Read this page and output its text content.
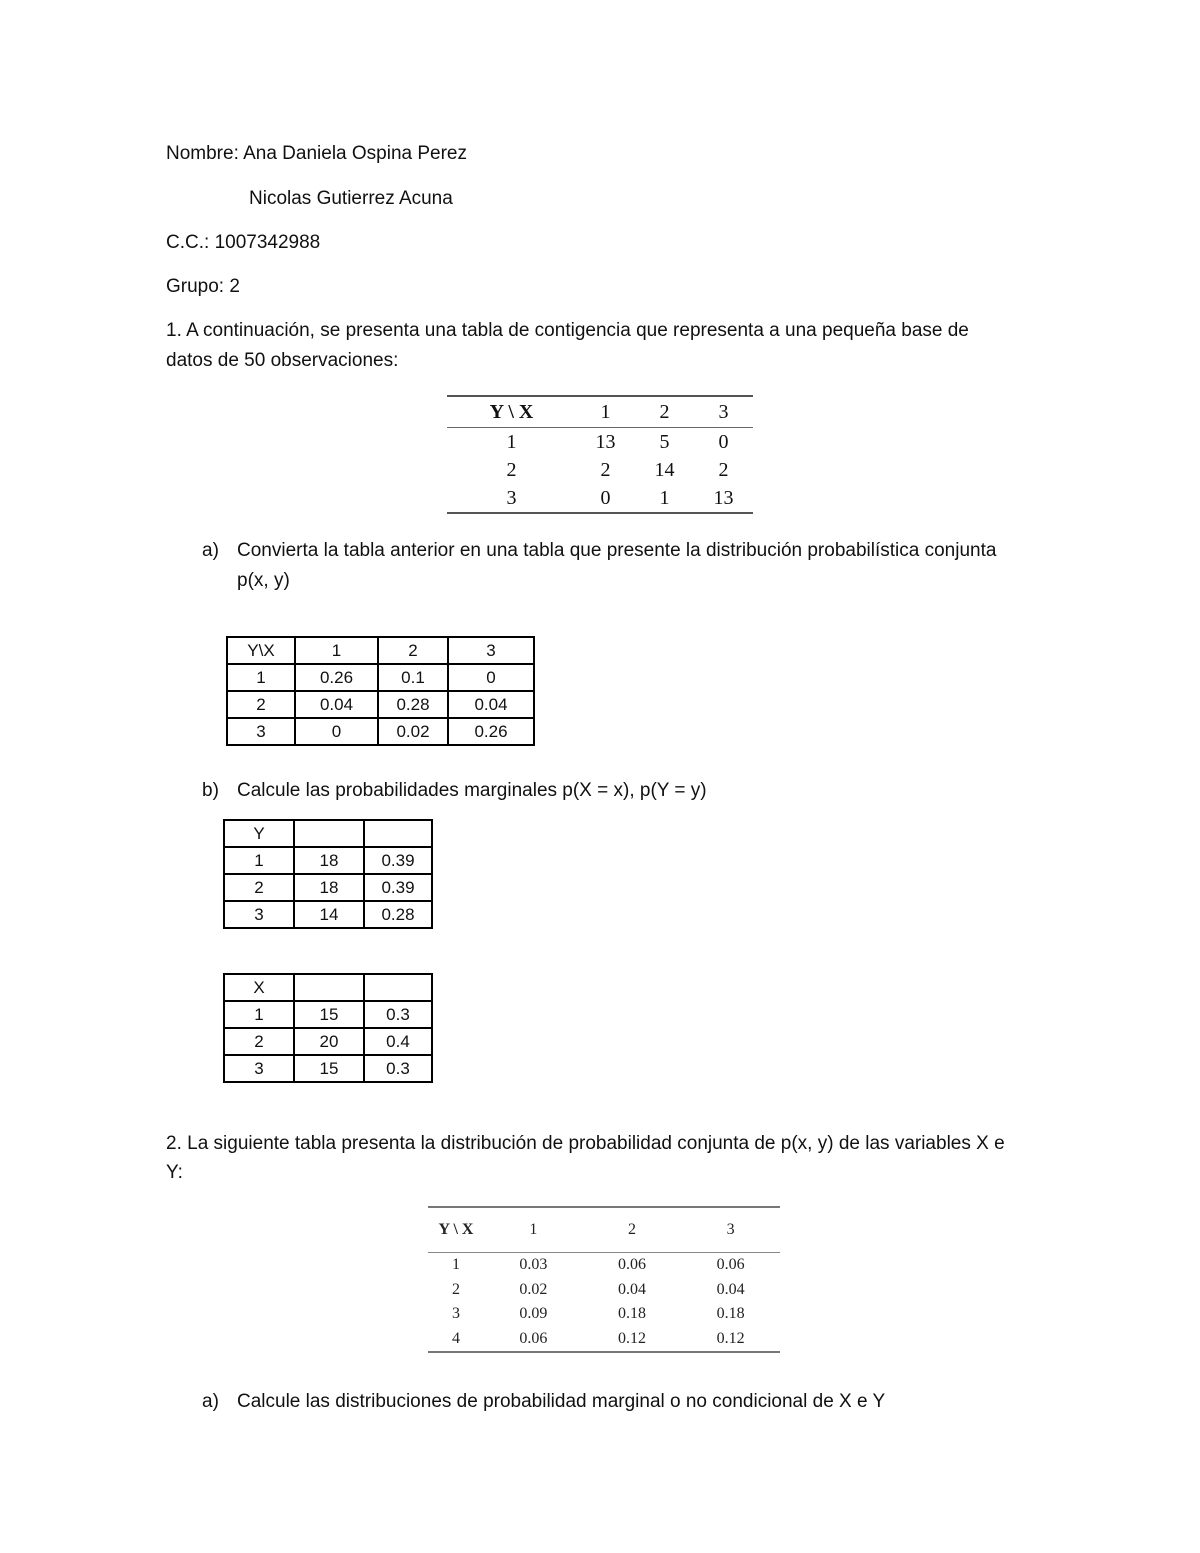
Nombre: Ana Daniela Ospina Perez
Nicolas Gutierrez Acuna
C.C.: 1007342988
Grupo: 2
1. A continuación, se presenta una tabla de contigencia que representa a una pequeña base de
datos de 50 observaciones:
Y \ X	1	2	3
1	13	5	0
2	2	14	2
3	0	1	13
a) Convierta la tabla anterior en una tabla que presente la distribución probabilística conjunta
p(x, y)
Y\X	1	2	3
1	0.26	0.1	0
2	0.04	0.28	0.04
3	0	0.02	0.26
b) Calcule las probabilidades marginales p(X = x), p(Y = y)
Y		
1	18	0.39
2	18	0.39
3	14	0.28
X		
1	15	0.3
2	20	0.4
3	15	0.3
2. La siguiente tabla presenta la distribución de probabilidad conjunta de p(x, y) de las variables X e
Y:
Y \ X	1	2	3
1	0.03	0.06	0.06
2	0.02	0.04	0.04
3	0.09	0.18	0.18
4	0.06	0.12	0.12
a) Calcule las distribuciones de probabilidad marginal o no condicional de X e Y
